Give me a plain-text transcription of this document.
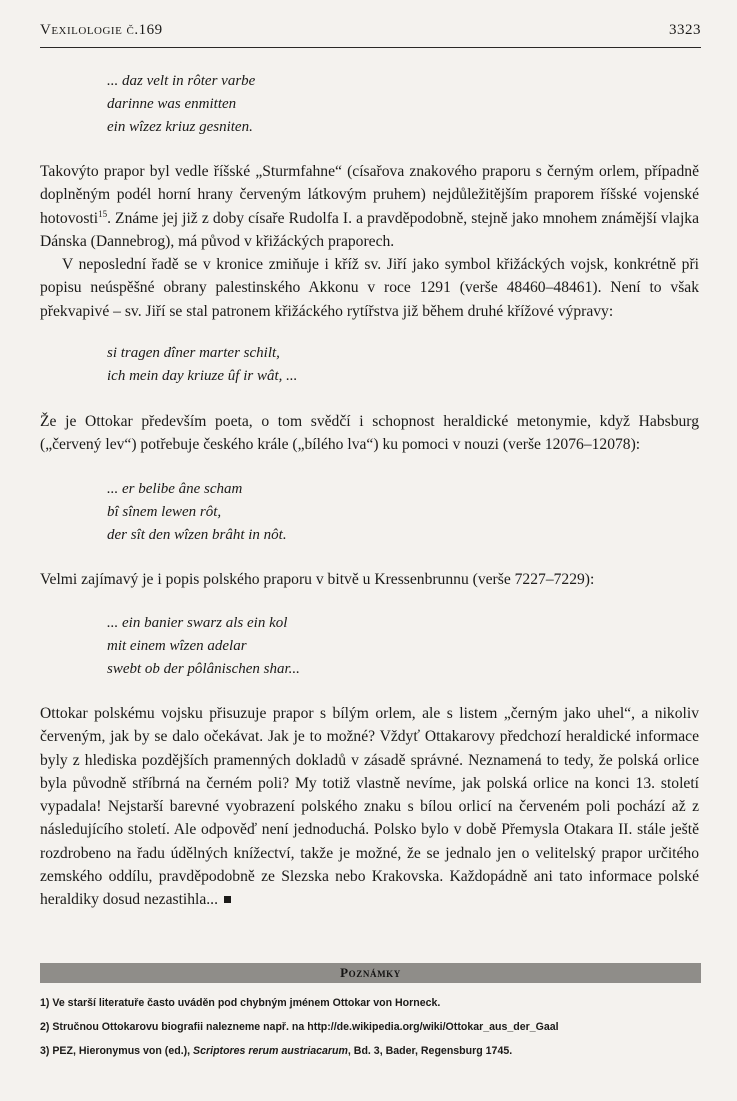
Vexilologie č.169	3323
... daz velt in rôter varbe
darinne was enmitten
ein wîzez kriuz gesniten.

Takovýto prapor byl vedle říšské „Sturmfahne“ (císařova znakového praporu s černým orlem, případně doplněným podél horní hrany červeným látkovým pruhem) nejdůležitějším praporem říšské vojenské hotovosti$^{15}$. Známe jej již z doby císaře Rudolfa I. a pravděpodobně, stejně jako mnohem známější vlajka Dánska (Dannebrog), má původ v křižáckých praporech.

V neposlední řadě se v kronice zmiňuje i kříž sv. Jiří jako symbol křižáckých vojsk, konkrétně při popisu neúspěšné obrany palestinského Akkonu v roce 1291 (verše 48460–48461). Není to však překvapivé – sv. Jiří se stal patronem křižáckého rytířstva již během druhé křížové výpravy:

si tragen dîner marter schilt,
ich mein day kriuze ûf ir wât, ...

Že je Ottokar především poeta, o tom svědčí i schopnost heraldické metonymie, když Habsburg („červený lev“) potřebuje českého krále („bílého lva“) ku pomoci v nouzi (verše 12076–12078):

... er belibe âne scham
bî sînem lewen rôt,
der sît den wîzen brâht in nôt.

Velmi zajímavý je i popis polského praporu v bitvě u Kressenbrunnu (verše 7227–7229):

... ein banier swarz als ein kol
mit einem wîzen adelar
swebt ob der pôlânischen shar...

Ottokar polskému vojsku přisuzuje prapor s bílým orlem, ale s listem „černým jako uhel“, a nikoliv červeným, jak by se dalo očekávat. Jak je to možné? Vždyť Ottakarovy předchozí heraldické informace byly z hlediska pozdějších pramenných dokladů v zásadě správné. Neznamená to tedy, že polská orlice byla původně stříbrná na černém poli? My totiž vlastně nevíme, jak polská orlice na konci 13. století vypadala! Nejstarší barevné vyobrazení polského znaku s bílou orlicí na červeném poli pochází až z následujícího století. Ale odpověď není jednoduchá. Polsko bylo v době Přemysla Otakara II. stále ještě rozdrobeno na řadu údělných knížectví, takže je možné, že se jednalo jen o velitelský prapor určitého zemského oddílu, pravděpodobně ze Slezska nebo Krakovska. Každopádně ani tato informace polské heraldiky dosud nezastihla...

Poznámky
1) Ve starší literatuře často uváděn pod chybným jménem Ottokar von Horneck.
2) Stručnou Ottokarovu biografii nalezneme např. na http://de.wikipedia.org/wiki/Ottokar_aus_der_Gaal
3) PEZ, Hieronymus von (ed.), Scriptores rerum austriacarum, Bd. 3, Bader, Regensburg 1745.
